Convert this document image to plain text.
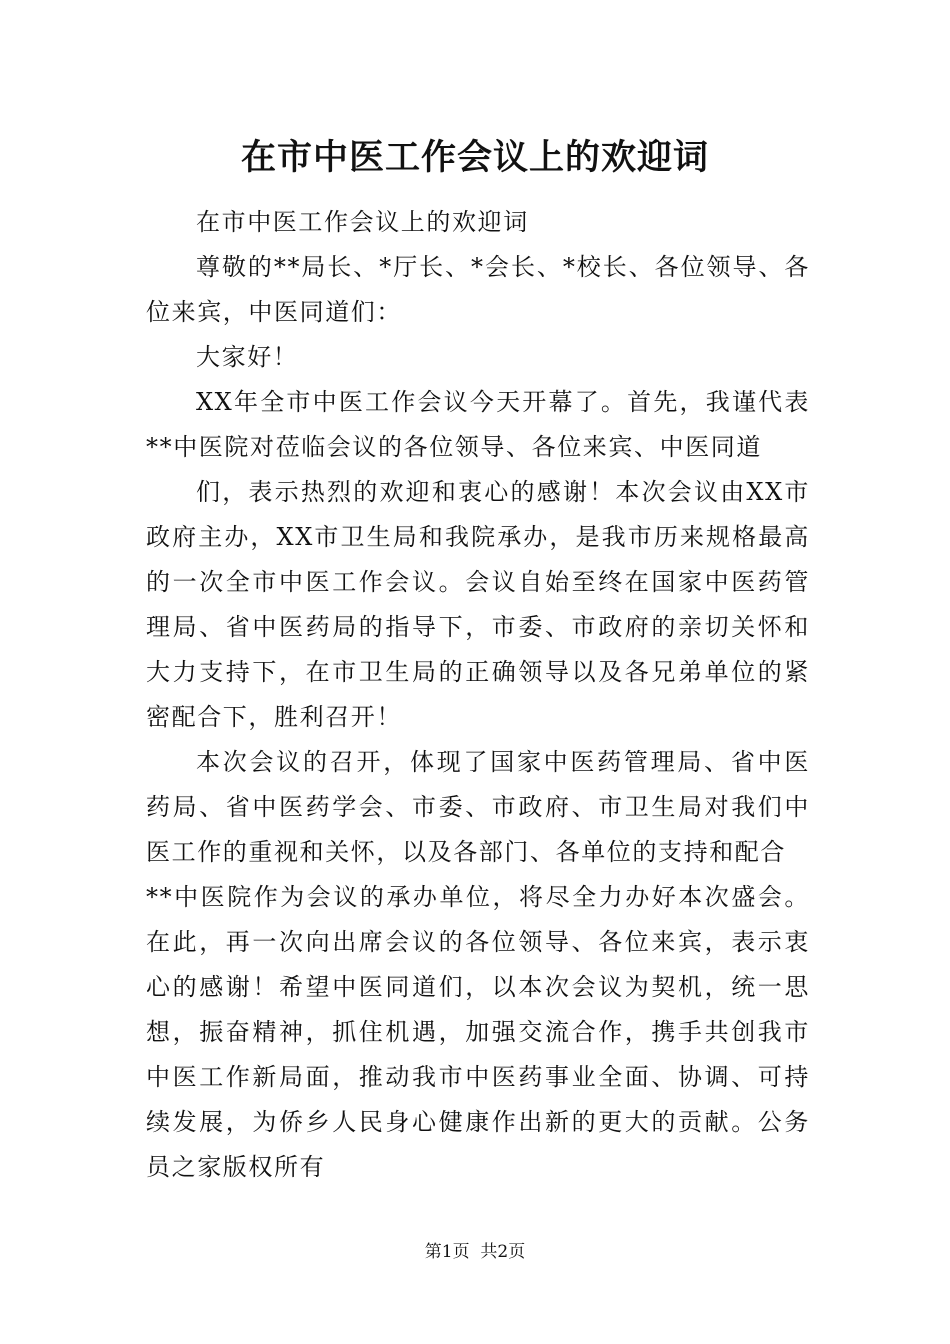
在市中医工作会议上的欢迎词

在市中医工作会议上的欢迎词

尊敬的**局长、*厅长、*会长、*校长、各位领导、各位来宾，中医同道们：

大家好！

XX年全市中医工作会议今天开幕了。首先，我谨代表**中医院对莅临会议的各位领导、各位来宾、中医同道

们，表示热烈的欢迎和衷心的感谢！本次会议由XX市政府主办，XX市卫生局和我院承办，是我市历来规格最高的一次全市中医工作会议。会议自始至终在国家中医药管理局、省中医药局的指导下，市委、市政府的亲切关怀和大力支持下，在市卫生局的正确领导以及各兄弟单位的紧密配合下，胜利召开！

本次会议的召开，体现了国家中医药管理局、省中医药局、省中医药学会、市委、市政府、市卫生局对我们中医工作的重视和关怀，以及各部门、各单位的支持和配合

**中医院作为会议的承办单位，将尽全力办好本次盛会。在此，再一次向出席会议的各位领导、各位来宾，表示衷心的感谢！希望中医同道们，以本次会议为契机，统一思想，振奋精神，抓住机遇，加强交流合作，携手共创我市中医工作新局面，推动我市中医药事业全面、协调、可持续发展，为侨乡人民身心健康作出新的更大的贡献。公务员之家版权所有

第1页 共2页
